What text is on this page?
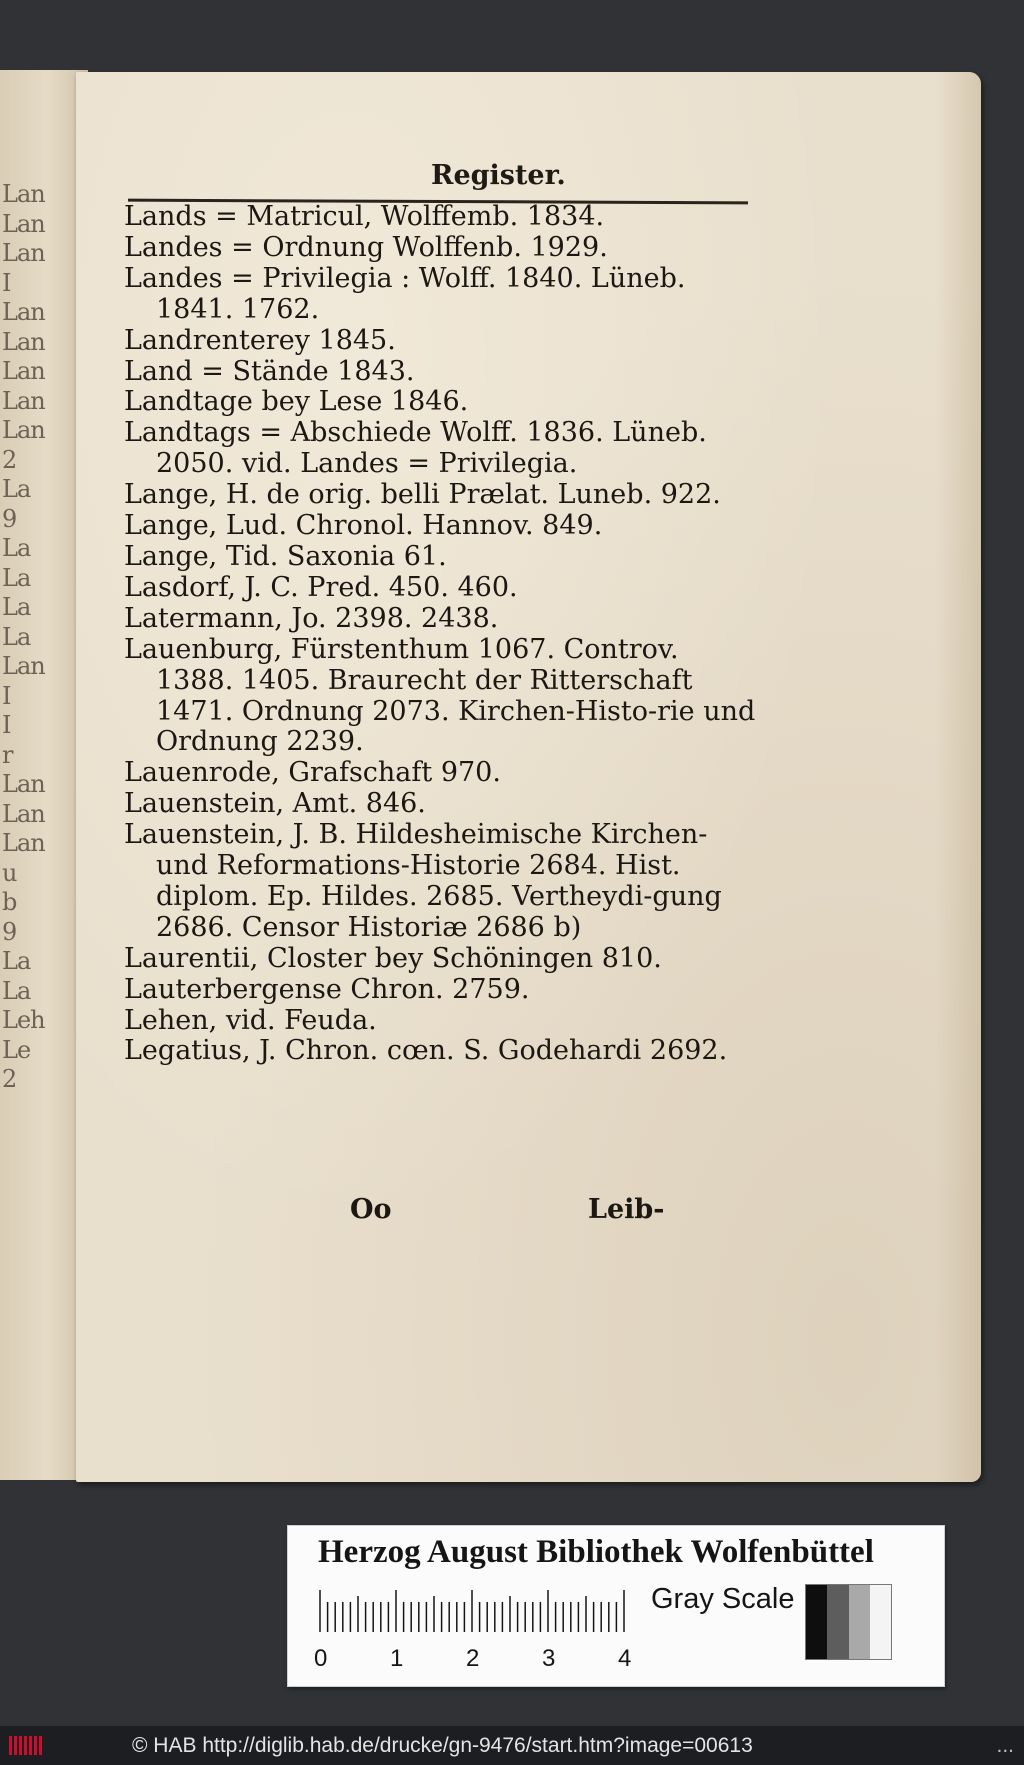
Lan
Lan
Lan
I
Lan
Lan
Lan
Lan
Lan
2
La
9
La
La
La
La
Lan
I
I
r
Lan
Lan
Lan
u
b
9
La
La
Leh
Le
2
Register.
Lands = Matricul, Wolffemb. 1834.
Landes = Ordnung Wolffenb. 1929.
Landes = Privilegia : Wolff. 1840. Lüneb. 1841. 1762.
Landrenterey 1845.
Land = Stände 1843.
Landtage bey Lese 1846.
Landtags = Abschiede Wolff. 1836. Lüneb. 2050. vid. Landes = Privilegia.
Lange, H. de orig. belli Prælat. Luneb. 922.
Lange, Lud. Chronol. Hannov. 849.
Lange, Tid. Saxonia 61.
Lasdorf, J. C. Pred. 450. 460.
Latermann, Jo. 2398. 2438.
Lauenburg, Fürstenthum 1067. Controv. 1388. 1405. Braurecht der Ritterschaft 1471. Ordnung 2073. Kirchen-Histo-rie und Ordnung 2239.
Lauenrode, Grafschaft 970.
Lauenstein, Amt. 846.
Lauenstein, J. B. Hildesheimische Kirchen- und Reformations-Historie 2684. Hist. diplom. Ep. Hildes. 2685. Vertheydi-gung 2686. Censor Historiæ 2686 b)
Laurentii, Closter bey Schöningen 810.
Lauterbergense Chron. 2759.
Lehen, vid. Feuda.
Legatius, J. Chron. cœn. S. Godehardi 2692.
Oo	Leib-
Herzog August Bibliothek Wolfenbüttel
0	1	2	3	4
Gray Scale
© HAB http://diglib.hab.de/drucke/gn-9476/start.htm?image=00613	...
